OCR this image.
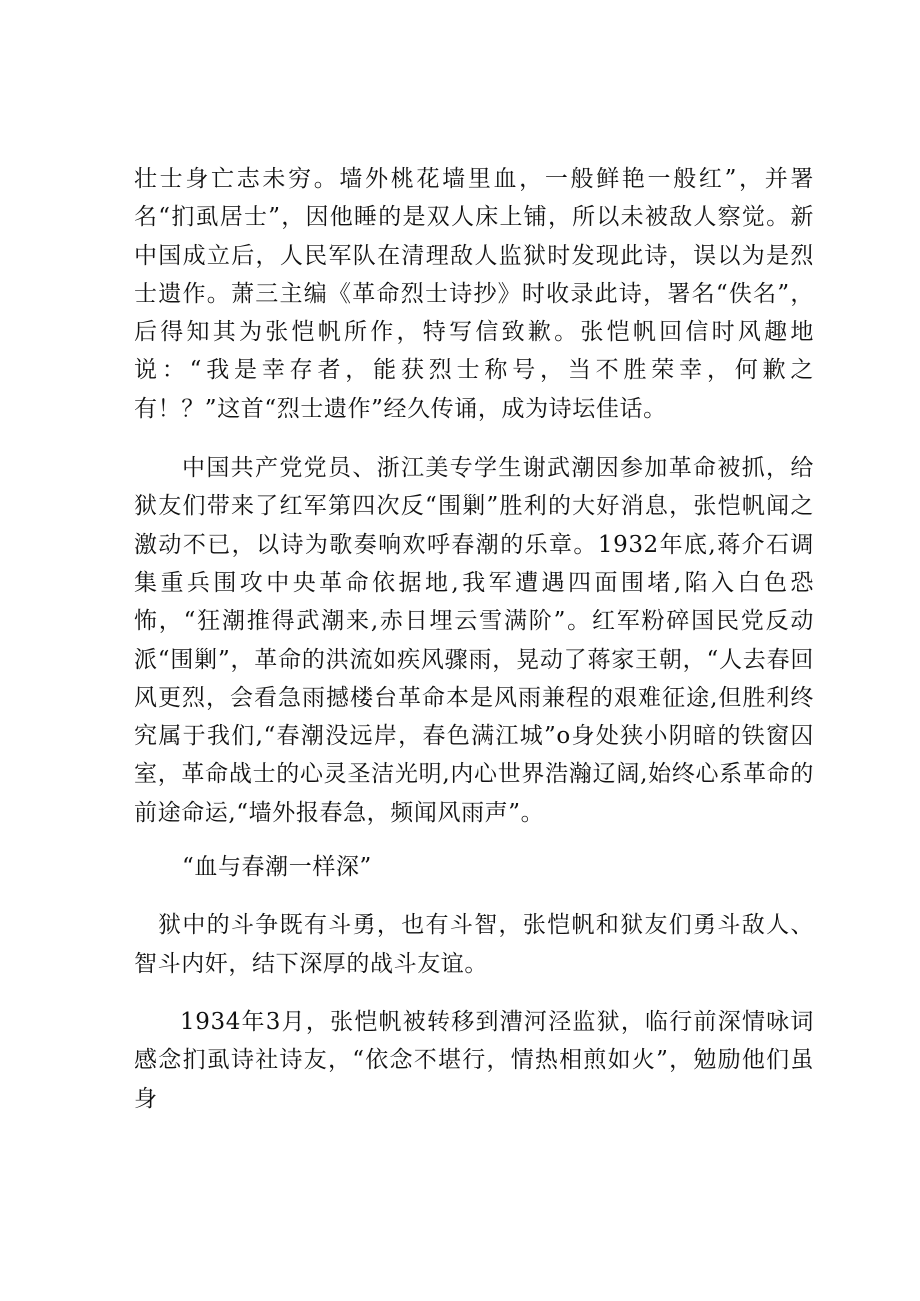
壮士身亡志未穷。墙外桃花墙里血，一般鲜艳一般红”，并署名“扪虱居士”，因他睡的是双人床上铺，所以未被敌人察觉。新中国成立后，人民军队在清理敌人监狱时发现此诗，误以为是烈士遗作。萧三主编《革命烈士诗抄》时收录此诗，署名“佚名”，后得知其为张恺帆所作，特写信致歉。张恺帆回信时风趣地说：“我是幸存者，能获烈士称号，当不胜荣幸，何歉之有！？”这首“烈士遗作”经久传诵，成为诗坛佳话。

中国共产党党员、浙江美专学生谢武潮因参加革命被抓，给狱友们带来了红军第四次反“围剿”胜利的大好消息，张恺帆闻之激动不已，以诗为歌奏响欢呼春潮的乐章。1932年底,蒋介石调集重兵围攻中央革命依据地,我军遭遇四面围堵,陷入白色恐怖，“狂潮推得武潮来,赤日埋云雪满阶”。红军粉碎国民党反动派“围剿”，革命的洪流如疾风骤雨，晃动了蒋家王朝，“人去春回风更烈，会看急雨撼楼台革命本是风雨兼程的艰难征途,但胜利终究属于我们,“春潮没远岸，春色满江城”o身处狭小阴暗的铁窗囚室，革命战士的心灵圣洁光明,内心世界浩瀚辽阔,始终心系革命的前途命运,“墙外报春急，频闻风雨声”。

“血与春潮一样深”

狱中的斗争既有斗勇，也有斗智，张恺帆和狱友们勇斗敌人、智斗内奸，结下深厚的战斗友谊。

1934年3月，张恺帆被转移到漕河泾监狱，临行前深情咏词感念扪虱诗社诗友，“依念不堪行，情热相煎如火”，勉励他们虽身
